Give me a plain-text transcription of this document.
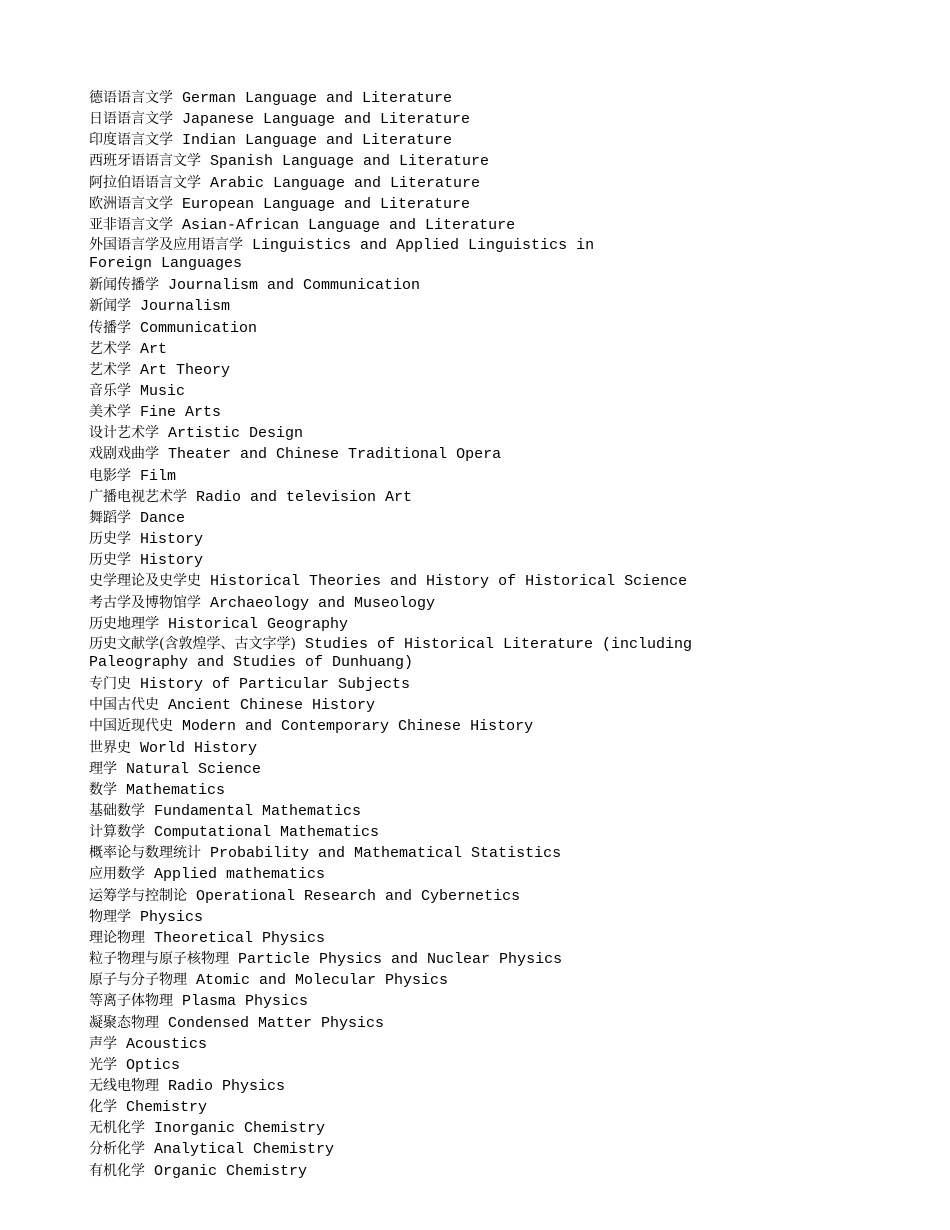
德语语言文学 German Language and Literature
日语语言文学 Japanese Language and Literature
印度语言文学 Indian Language and Literature
西班牙语语言文学 Spanish Language and Literature
阿拉伯语语言文学 Arabic Language and Literature
欧洲语言文学 European Language and Literature
亚非语言文学 Asian-African Language and Literature
外国语言学及应用语言学 Linguistics and Applied Linguistics in
Foreign Languages
新闻传播学 Journalism and Communication
新闻学 Journalism
传播学 Communication
艺术学 Art
艺术学 Art Theory
音乐学 Music
美术学 Fine Arts
设计艺术学 Artistic Design
戏剧戏曲学 Theater and Chinese Traditional Opera
电影学 Film
广播电视艺术学 Radio and television Art
舞蹈学 Dance
历史学 History
历史学 History
史学理论及史学史 Historical Theories and History of Historical Science
考古学及博物馆学 Archaeology and Museology
历史地理学 Historical Geography
历史文献学(含敦煌学、古文字学) Studies of Historical Literature (including
Paleography and Studies of Dunhuang)
专门史 History of Particular Subjects
中国古代史 Ancient Chinese History
中国近现代史 Modern and Contemporary Chinese History
世界史 World History
理学 Natural Science
数学 Mathematics
基础数学 Fundamental Mathematics
计算数学 Computational Mathematics
概率论与数理统计 Probability and Mathematical Statistics
应用数学 Applied mathematics
运筹学与控制论 Operational Research and Cybernetics
物理学 Physics
理论物理 Theoretical Physics
粒子物理与原子核物理 Particle Physics and Nuclear Physics
原子与分子物理 Atomic and Molecular Physics
等离子体物理 Plasma Physics
凝聚态物理 Condensed Matter Physics
声学 Acoustics
光学 Optics
无线电物理 Radio Physics
化学 Chemistry
无机化学 Inorganic Chemistry
分析化学 Analytical Chemistry
有机化学 Organic Chemistry
